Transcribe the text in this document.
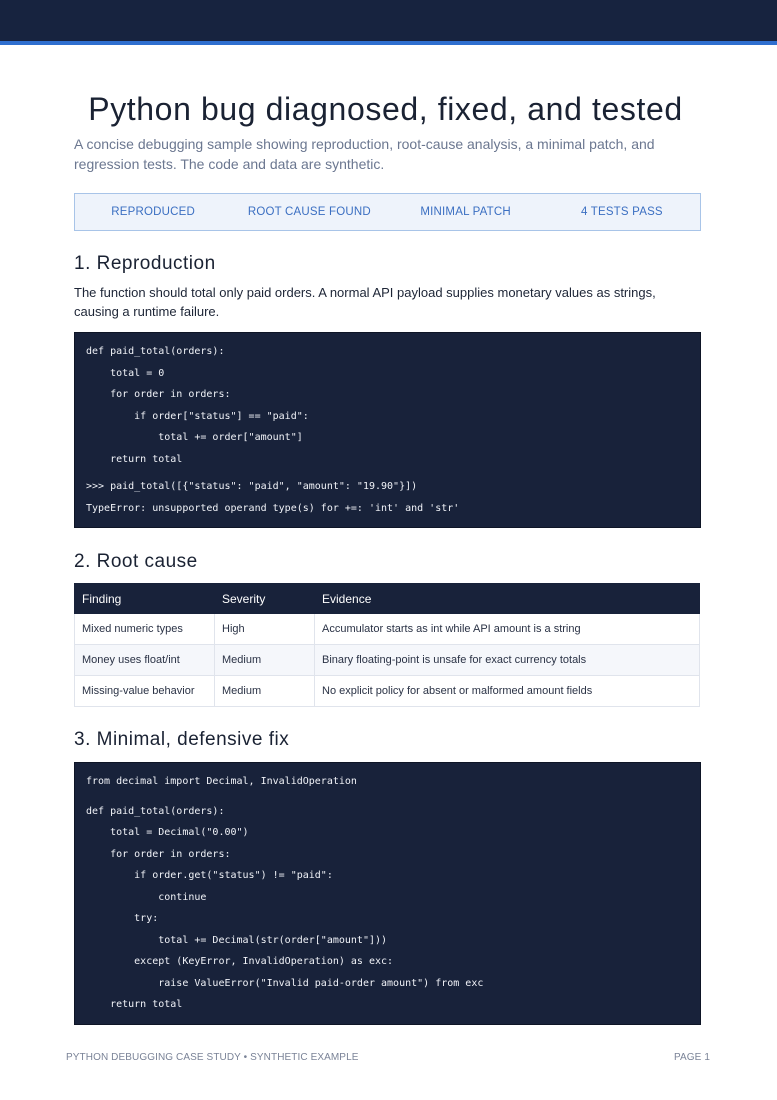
Python bug diagnosed, fixed, and tested

A concise debugging sample showing reproduction, root-cause analysis, a minimal patch, and regression tests. The code and data are synthetic.

REPRODUCED	ROOT CAUSE FOUND	MINIMAL PATCH	4 TESTS PASS
1. Reproduction

The function should total only paid orders. A normal API payload supplies monetary values as strings, causing a runtime failure.

def paid_total(orders):
total = 0
for order in orders:
if order["status"] == "paid":
total += order["amount"]
return total
>>> paid_total([{"status": "paid", "amount": "19.90"}])
TypeError: unsupported operand type(s) for +=: 'int' and 'str'
2. Root cause
Finding	Severity	Evidence
Mixed numeric types	High	Accumulator starts as int while API amount is a string
Money uses float/int	Medium	Binary floating-point is unsafe for exact currency totals
Missing-value behavior	Medium	No explicit policy for absent or malformed amount fields
3. Minimal, defensive fix
from decimal import Decimal, InvalidOperation
def paid_total(orders):
total = Decimal("0.00")
for order in orders:
if order.get("status") != "paid":
continue
try:
total += Decimal(str(order["amount"]))
except (KeyError, InvalidOperation) as exc:
raise ValueError("Invalid paid-order amount") from exc
return total
PYTHON DEBUGGING CASE STUDY • SYNTHETIC EXAMPLE	PAGE 1
